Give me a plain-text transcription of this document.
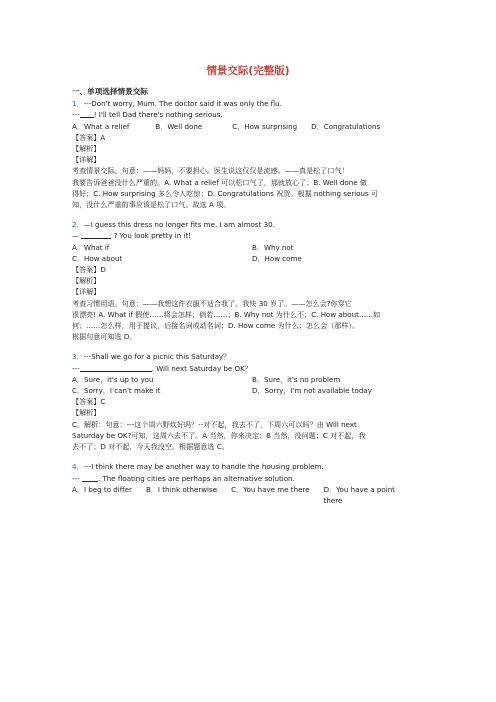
情景交际(完整版)
一、单项选择情景交际
1．---Don't worry, Mum. The doctor said it was only the flu.
--- ! I'll tell Dad there's nothing serious.
A．What a relief	B．Well done	C．How surprising D．Congratulations
【答案】A
【解析】
【详解】
考查情景交际。句意：——妈妈，不要担心。医生说这仅仅是流感。——真是松了口气！
我要告诉爸爸没什么严重的。A. What a relief 可以松口气了，那就放心了；B. Well done 做
得好；C. How surprising 多么令人吃惊；D. Congratulations 祝贺。根据 nothing serious 可
知，没什么严重的事应该是松了口气。故选 A 项。
2．—I guess this dress no longer fits me. I am almost 30.
—	? You look pretty in it!
A．What if	B．Why not
C．How about	D．How come
【答案】D
【解析】
【详解】
考查习惯用语。句意：——我想这件衣服不适合我了。我快 30 岁了。——怎么会?你穿它
很漂亮! A. What if 假使……将会怎样；倘若……；B. Why not 为什么不；C. How about……如
何；……怎么样，用于提议，后接名词或动名词；D. How come 为什么；怎么会（那样）。
根据句意可知选 D。
3．---Shall we go for a picnic this Saturday？
---	. Will next Saturday be OK？
A．Sure，it's up to you	B．Sure，it's no problem
C．Sorry，I can't make it	D．Sorry，I'm not available today
【答案】C
【解析】
C。解析：句意：---这个周六野炊好吗？--对不起，我去不了，下周六可以吗？由 Will next
Saturday be OK?可知，这周六去不了。A 当然，你来决定；B 当然，没问题；C 对不起，我
去不了；D 对不起，今天我没空。根据题意选 C。
4．---I think there may be another way to handle the housing problem.
--- . The floating cities are perhaps an alternative solution.
A．I beg to differ B．I think otherwise C．You have me there D．You have a point there
